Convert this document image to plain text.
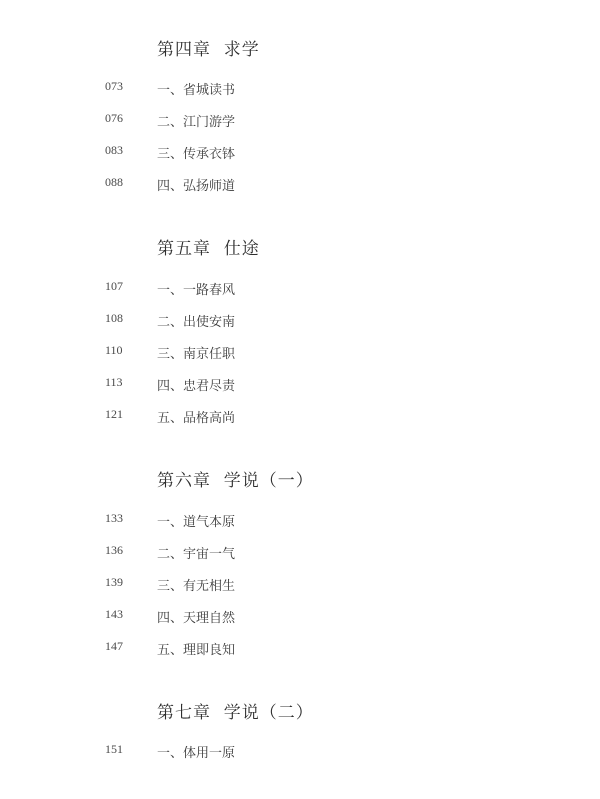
第四章  求学
073	一、省城读书
076	二、江门游学
083	三、传承衣钵
088	四、弘扬师道
第五章  仕途
107	一、一路春风
108	二、出使安南
110	三、南京任职
113	四、忠君尽责
121	五、品格高尚
第六章  学说（一）
133	一、道气本原
136	二、宇宙一气
139	三、有无相生
143	四、天理自然
147	五、理即良知
第七章  学说（二）
151	一、体用一原
